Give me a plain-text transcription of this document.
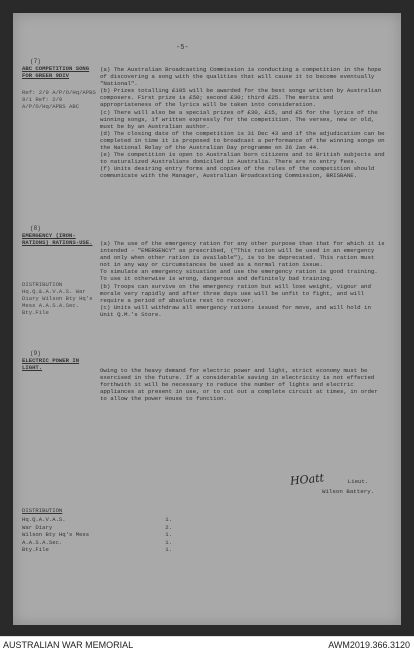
-5-
(7)
ABC COMPETITION SONG FOR GREEN 9DIV
Ref: 2/9 A/P/O/Hq/APBS 9/1 Ref: 2/9 A/P/O/Hq/APBS ABC
(a) The Australian Broadcasting Commission is conducting a competition in the hope of discovering a song with the qualities that will cause it to become eventually "National".
(b) Prizes totalling £105 will be awarded for the best songs written by Australian composers. First prize is £50; second £30; third £25. The merits and appropriateness of the lyrics will be taken into consideration.
(c) There will also be a special prizes of £30, £15, and £5 for the lyrics of the winning songs, if written expressly for the competition. The verses, new or old, must be by an Australian author.
(d) The closing date of the competition is 31 Dec 43 and if the adjudication can be completed in time it is proposed to broadcast a performance of the winning songs on the National Relay of the Australian Day programme on 26 Jan 44.
(e) The competition is open to Australian born citizens and to British subjects and to naturalized Australians domiciled in Australia. There are no entry fees.
(f) Units desiring entry forms and copies of the rules of the competition should communicate with the Manager, Australian Broadcasting Commission, BRISBANE.
(8)
EMERGENCY (IRON-RATIONS) RATIONS-USE.
DISTRIBUTION Hq.Q.&.A.V.A.S. War Diary Wilson Bty Hq's Mess A.A.S.A.Sec. Bty.File
(a) The use of the emergency ration for any other purpose than that for which it is intended - "EMERGENCY" as prescribed, ("This ration will be used in an emergency and only when other ration is available"), is to be deprecated. This ration must not in any way or circumstances be used as a normal ration issue.
To simulate an emergency situation and use the emergency ration is good training. To use it otherwise is wrong, dangerous and definitely bad training.
(b) Troops can survive on the emergency ration but will lose weight, vigour and morale very rapidly and after three days use will be unfit to fight, and will require a period of absolute rest to recover.
(c) Units will withdraw all emergency rations issued for move, and will hold in Unit Q.M.'s Store.
(9)
ELECTRIC POWER IN LIGHT.	Owing to the heavy demand for electric power and light, strict economy must be exercised in the future. If a considerable saving in electricity is not effected forthwith it will be necessary to reduce the number of lights and electric appliances at present in use, or to cut out a complete circuit at times, in order to allow the power House to function.
HOatt	Lieut.
Wilson Battery.
DISTRIBUTION
Hq.Q.A.V.A.S.	1.
War Diary	2.
Wilson Bty Hq's Mess	1.
A.A.S.A.Sec.	1.
Bty.File	1.
AUSTRALIAN WAR MEMORIAL	AWM2019.366.3120
